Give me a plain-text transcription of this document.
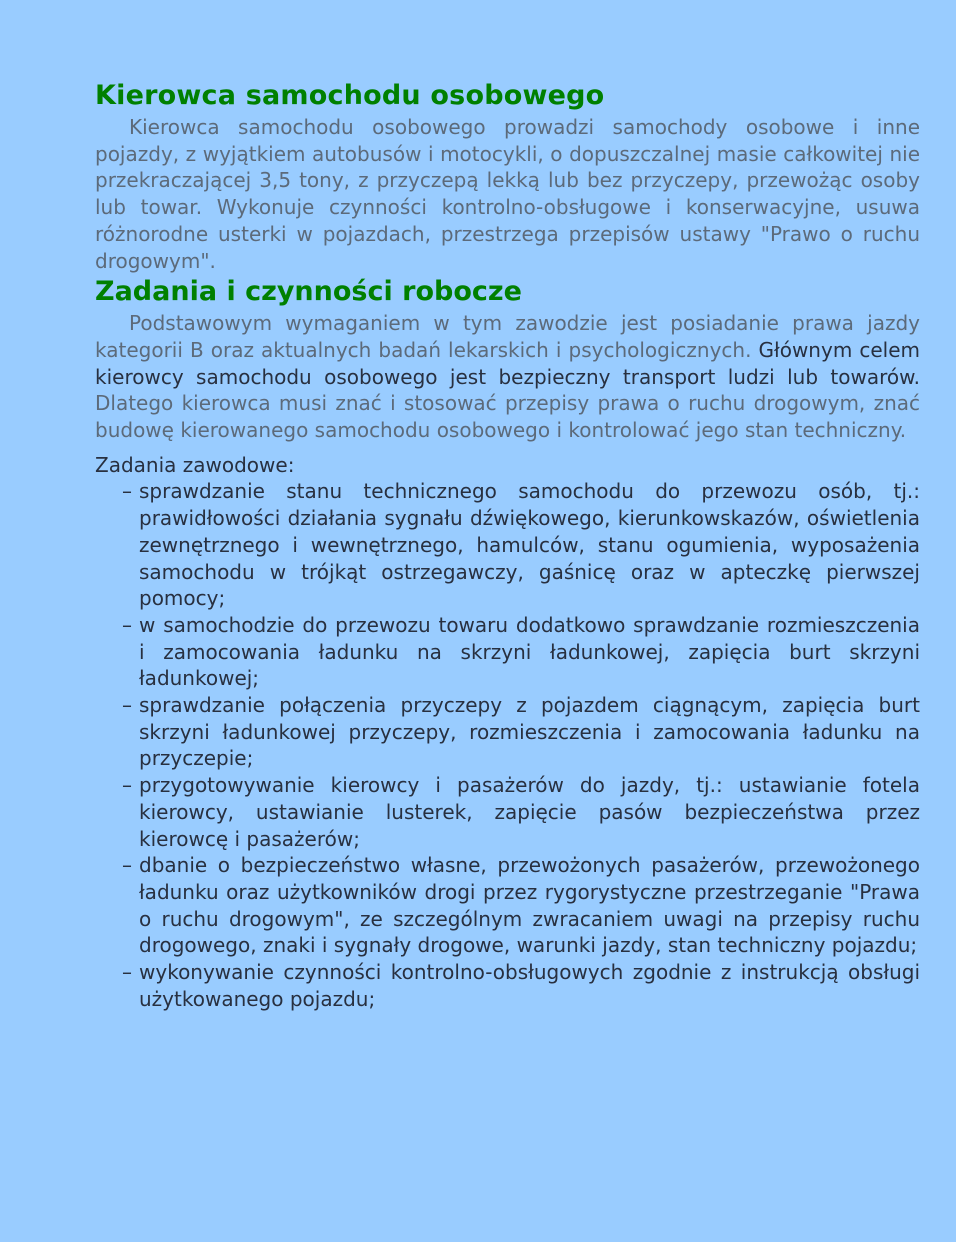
Kierowca samochodu osobowego

Kierowca samochodu osobowego prowadzi samochody osobowe i inne pojazdy, z wyjątkiem autobusów i motocykli, o dopuszczalnej masie całkowitej nie przekraczającej 3,5 tony, z przyczepą lekką lub bez przyczepy, przewożąc osoby lub towar. Wykonuje czynności kontrolno-obsługowe i konserwacyjne, usuwa różnorodne usterki w pojazdach, przestrzega przepisów ustawy "Prawo o ruchu drogowym".

Zadania i czynności robocze

Podstawowym wymaganiem w tym zawodzie jest posiadanie prawa jazdy kategorii B oraz aktualnych badań lekarskich i psychologicznych. Głównym celem kierowcy samochodu osobowego jest bezpieczny transport ludzi lub towarów. Dlatego kierowca musi znać i stosować przepisy prawa o ruchu drogowym, znać budowę kierowanego samochodu osobowego i kontrolować jego stan techniczny.

Zadania zawodowe:
– sprawdzanie stanu technicznego samochodu do przewozu osób, tj.: prawidłowości działania sygnału dźwiękowego, kierunkowskazów, oświetlenia zewnętrznego i wewnętrznego, hamulców, stanu ogumienia, wyposażenia samochodu w trójkąt ostrzegawczy, gaśnicę oraz w apteczkę pierwszej pomocy;
– w samochodzie do przewozu towaru dodatkowo sprawdzanie rozmieszczenia i zamocowania ładunku na skrzyni ładunkowej, zapięcia burt skrzyni ładunkowej;
– sprawdzanie połączenia przyczepy z pojazdem ciągnącym, zapięcia burt skrzyni ładunkowej przyczepy, rozmieszczenia i zamocowania ładunku na przyczepie;
– przygotowywanie kierowcy i pasażerów do jazdy, tj.: ustawianie fotela kierowcy, ustawianie lusterek, zapięcie pasów bezpieczeństwa przez kierowcę i pasażerów;
– dbanie o bezpieczeństwo własne, przewożonych pasażerów, przewożonego ładunku oraz użytkowników drogi przez rygorystyczne przestrzeganie "Prawa o ruchu drogowym", ze szczególnym zwracaniem uwagi na przepisy ruchu drogowego, znaki i sygnały drogowe, warunki jazdy, stan techniczny pojazdu;
– wykonywanie czynności kontrolno-obsługowych zgodnie z instrukcją obsługi użytkowanego pojazdu;
